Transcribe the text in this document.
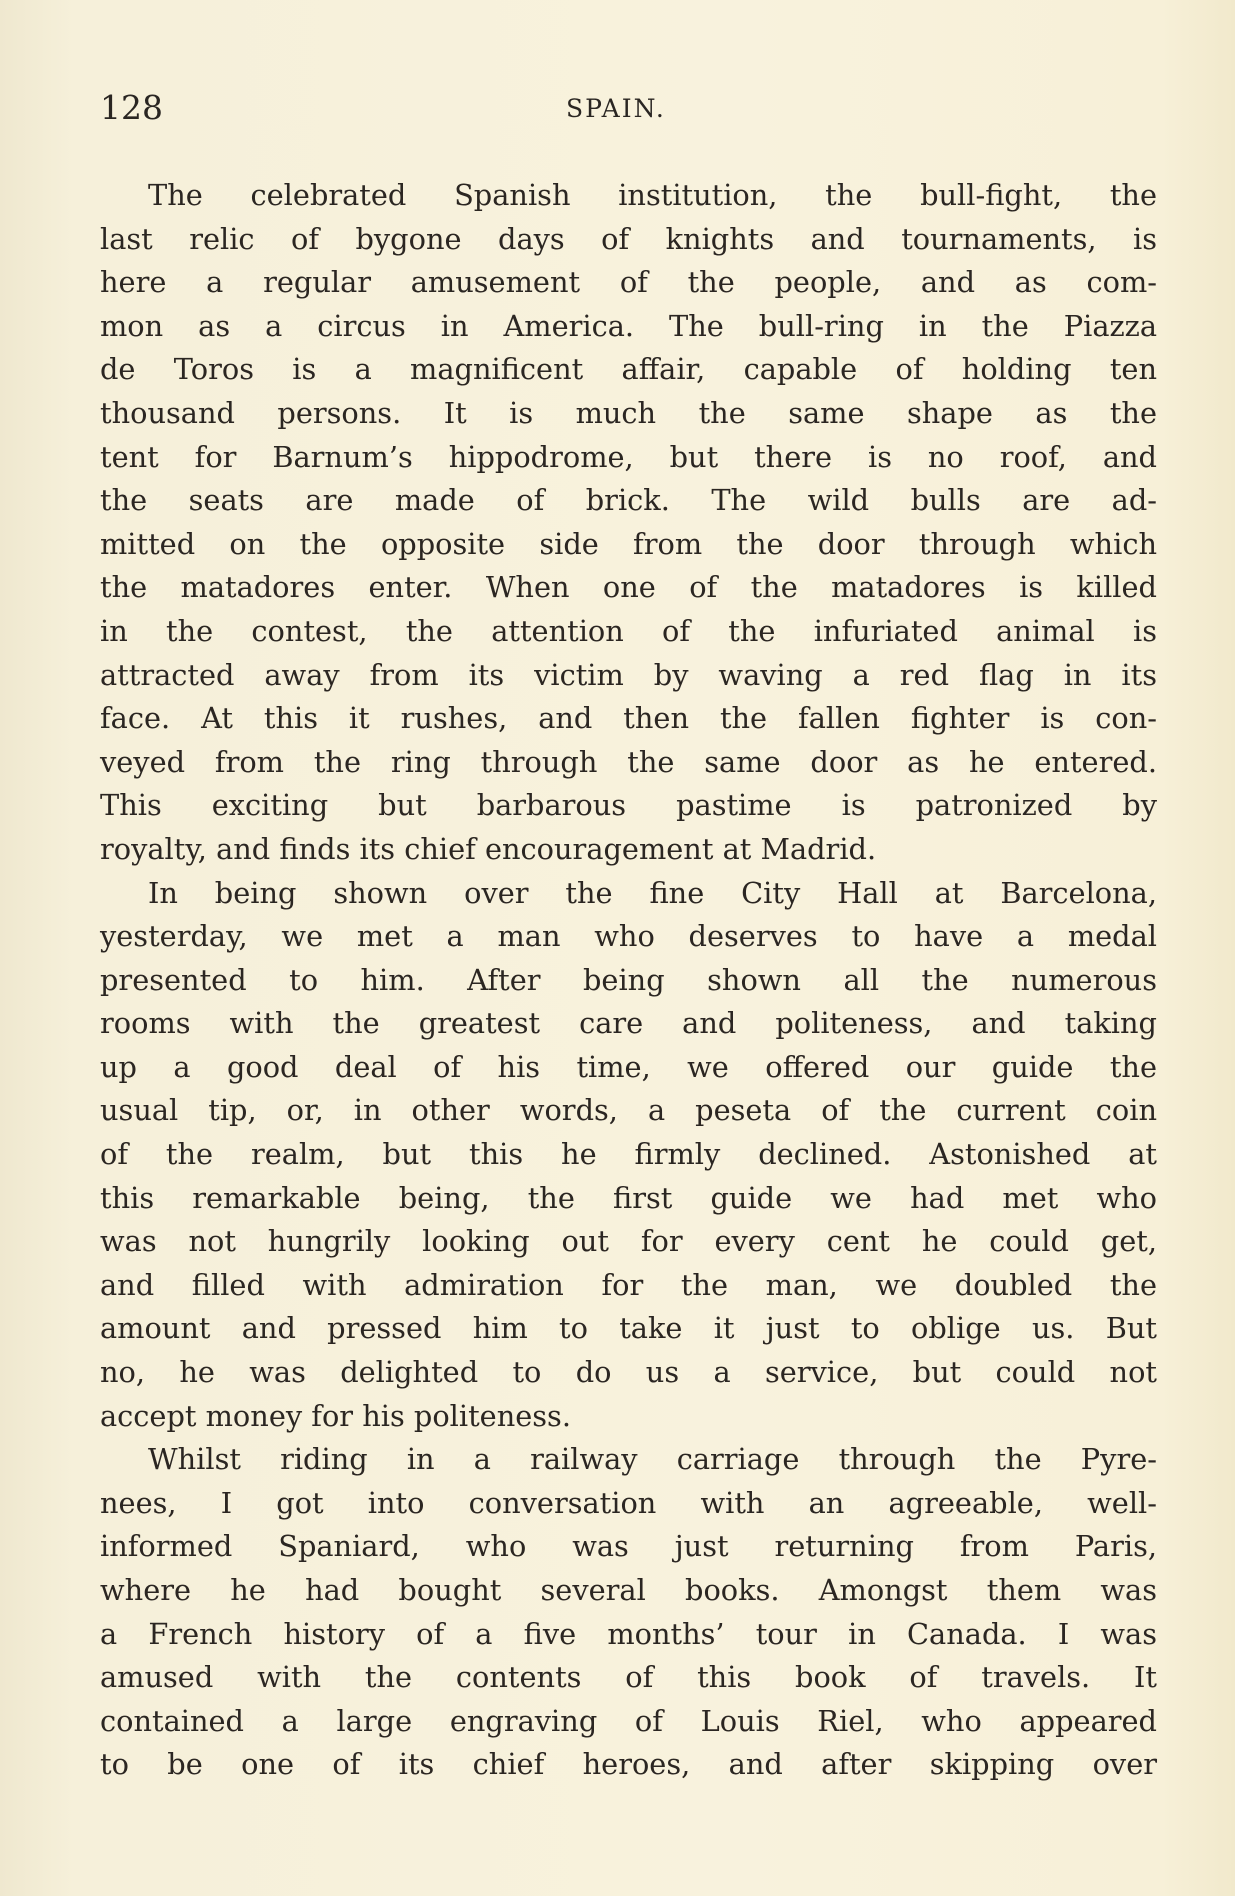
128	SPAIN.
The celebrated Spanish institution, the bull-fight, the
last relic of bygone days of knights and tournaments, is
here a regular amusement of the people, and as com-
mon as a circus in America. The bull-ring in the Piazza
de Toros is a magnificent affair, capable of holding ten
thousand persons. It is much the same shape as the
tent for Barnum’s hippodrome, but there is no roof, and
the seats are made of brick. The wild bulls are ad-
mitted on the opposite side from the door through which
the matadores enter. When one of the matadores is killed
in the contest, the attention of the infuriated animal is
attracted away from its victim by waving a red flag in its
face. At this it rushes, and then the fallen fighter is con-
veyed from the ring through the same door as he entered.
This exciting but barbarous pastime is patronized by
royalty, and finds its chief encouragement at Madrid.
In being shown over the fine City Hall at Barcelona,
yesterday, we met a man who deserves to have a medal
presented to him. After being shown all the numerous
rooms with the greatest care and politeness, and taking
up a good deal of his time, we offered our guide the
usual tip, or, in other words, a peseta of the current coin
of the realm, but this he firmly declined. Astonished at
this remarkable being, the first guide we had met who
was not hungrily looking out for every cent he could get,
and filled with admiration for the man, we doubled the
amount and pressed him to take it just to oblige us. But
no, he was delighted to do us a service, but could not
accept money for his politeness.
Whilst riding in a railway carriage through the Pyre-
nees, I got into conversation with an agreeable, well-
informed Spaniard, who was just returning from Paris,
where he had bought several books. Amongst them was
a French history of a five months’ tour in Canada. I was
amused with the contents of this book of travels. It
contained a large engraving of Louis Riel, who appeared
to be one of its chief heroes, and after skipping over
